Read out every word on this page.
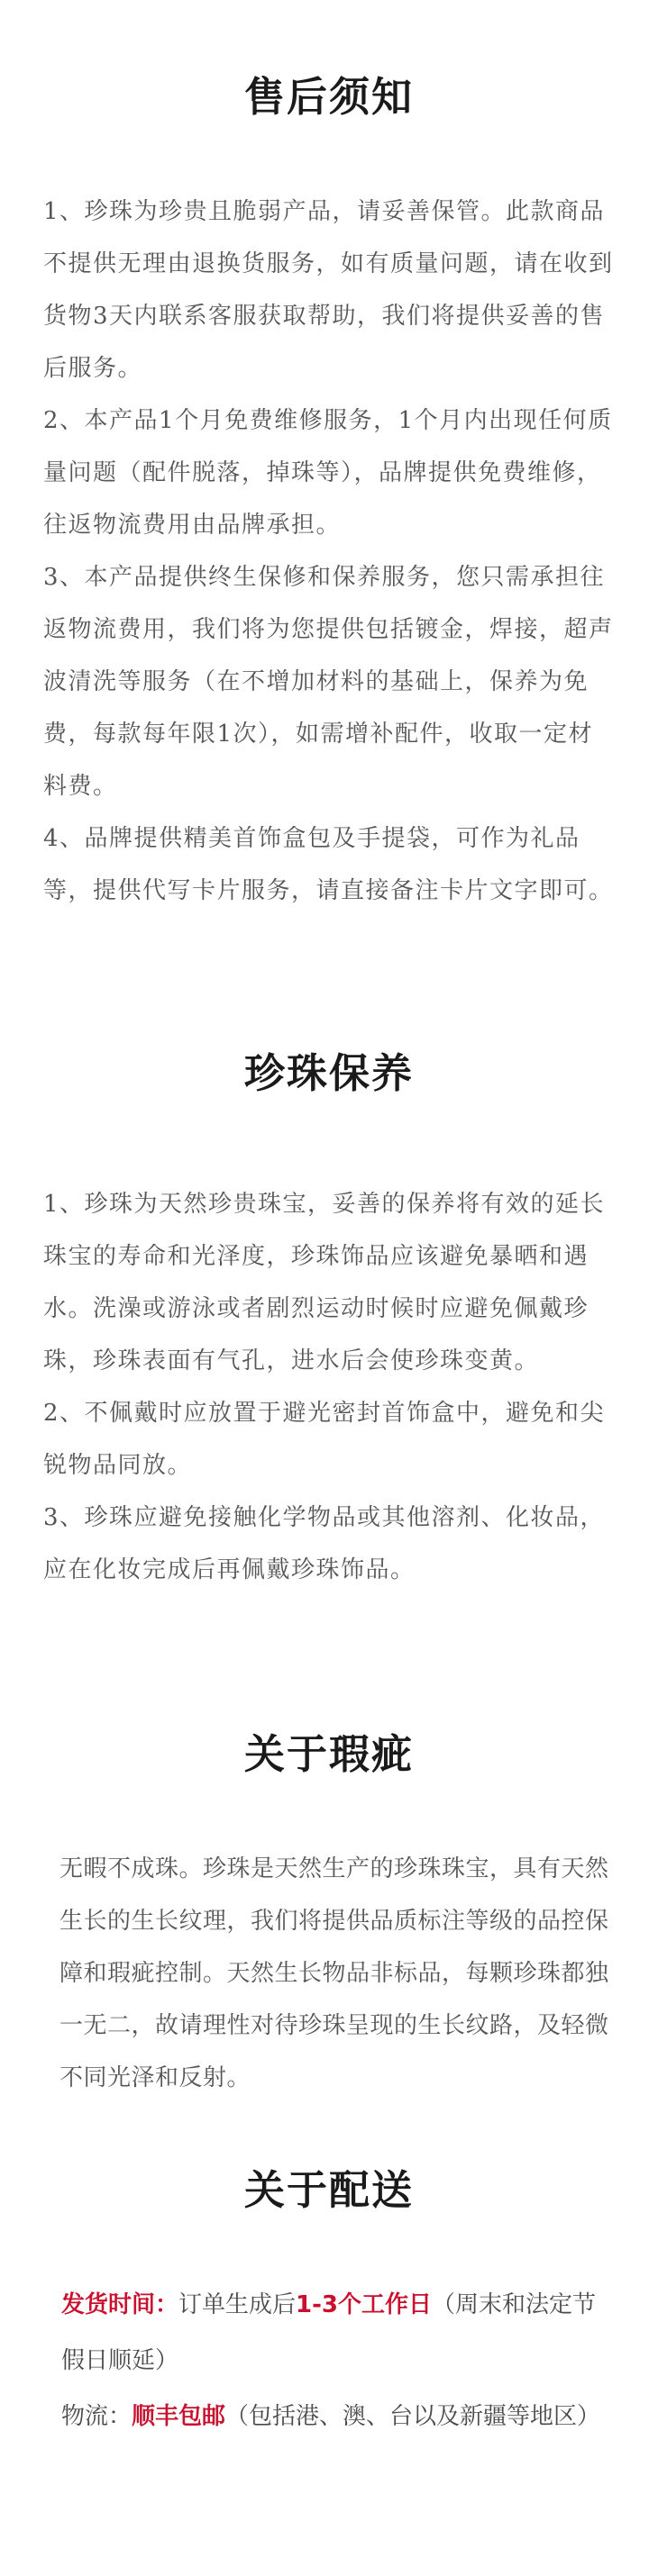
售后须知

1、珍珠为珍贵且脆弱产品，请妥善保管。此款商品不提供无理由退换货服务，如有质量问题，请在收到货物3天内联系客服获取帮助，我们将提供妥善的售后服务。

2、本产品1个月免费维修服务，1个月内出现任何质量问题（配件脱落，掉珠等），品牌提供免费维修，往返物流费用由品牌承担。

3、本产品提供终生保修和保养服务，您只需承担往返物流费用，我们将为您提供包括镀金，焊接，超声波清洗等服务（在不增加材料的基础上，保养为免费，每款每年限1次），如需增补配件，收取一定材料费。

4、品牌提供精美首饰盒包及手提袋，可作为礼品等，提供代写卡片服务，请直接备注卡片文字即可。

珍珠保养

1、珍珠为天然珍贵珠宝，妥善的保养将有效的延长珠宝的寿命和光泽度，珍珠饰品应该避免暴晒和遇水。洗澡或游泳或者剧烈运动时候时应避免佩戴珍珠，珍珠表面有气孔，进水后会使珍珠变黄。

2、不佩戴时应放置于避光密封首饰盒中，避免和尖锐物品同放。

3、珍珠应避免接触化学物品或其他溶剂、化妆品，应在化妆完成后再佩戴珍珠饰品。

关于瑕疵

无暇不成珠。珍珠是天然生产的珍珠珠宝，具有天然生长的生长纹理，我们将提供品质标注等级的品控保障和瑕疵控制。天然生长物品非标品，每颗珍珠都独一无二，故请理性对待珍珠呈现的生长纹路，及轻微不同光泽和反射。

关于配送

发货时间：订单生成后1-3个工作日（周末和法定节假日顺延）

物流：顺丰包邮（包括港、澳、台以及新疆等地区）
